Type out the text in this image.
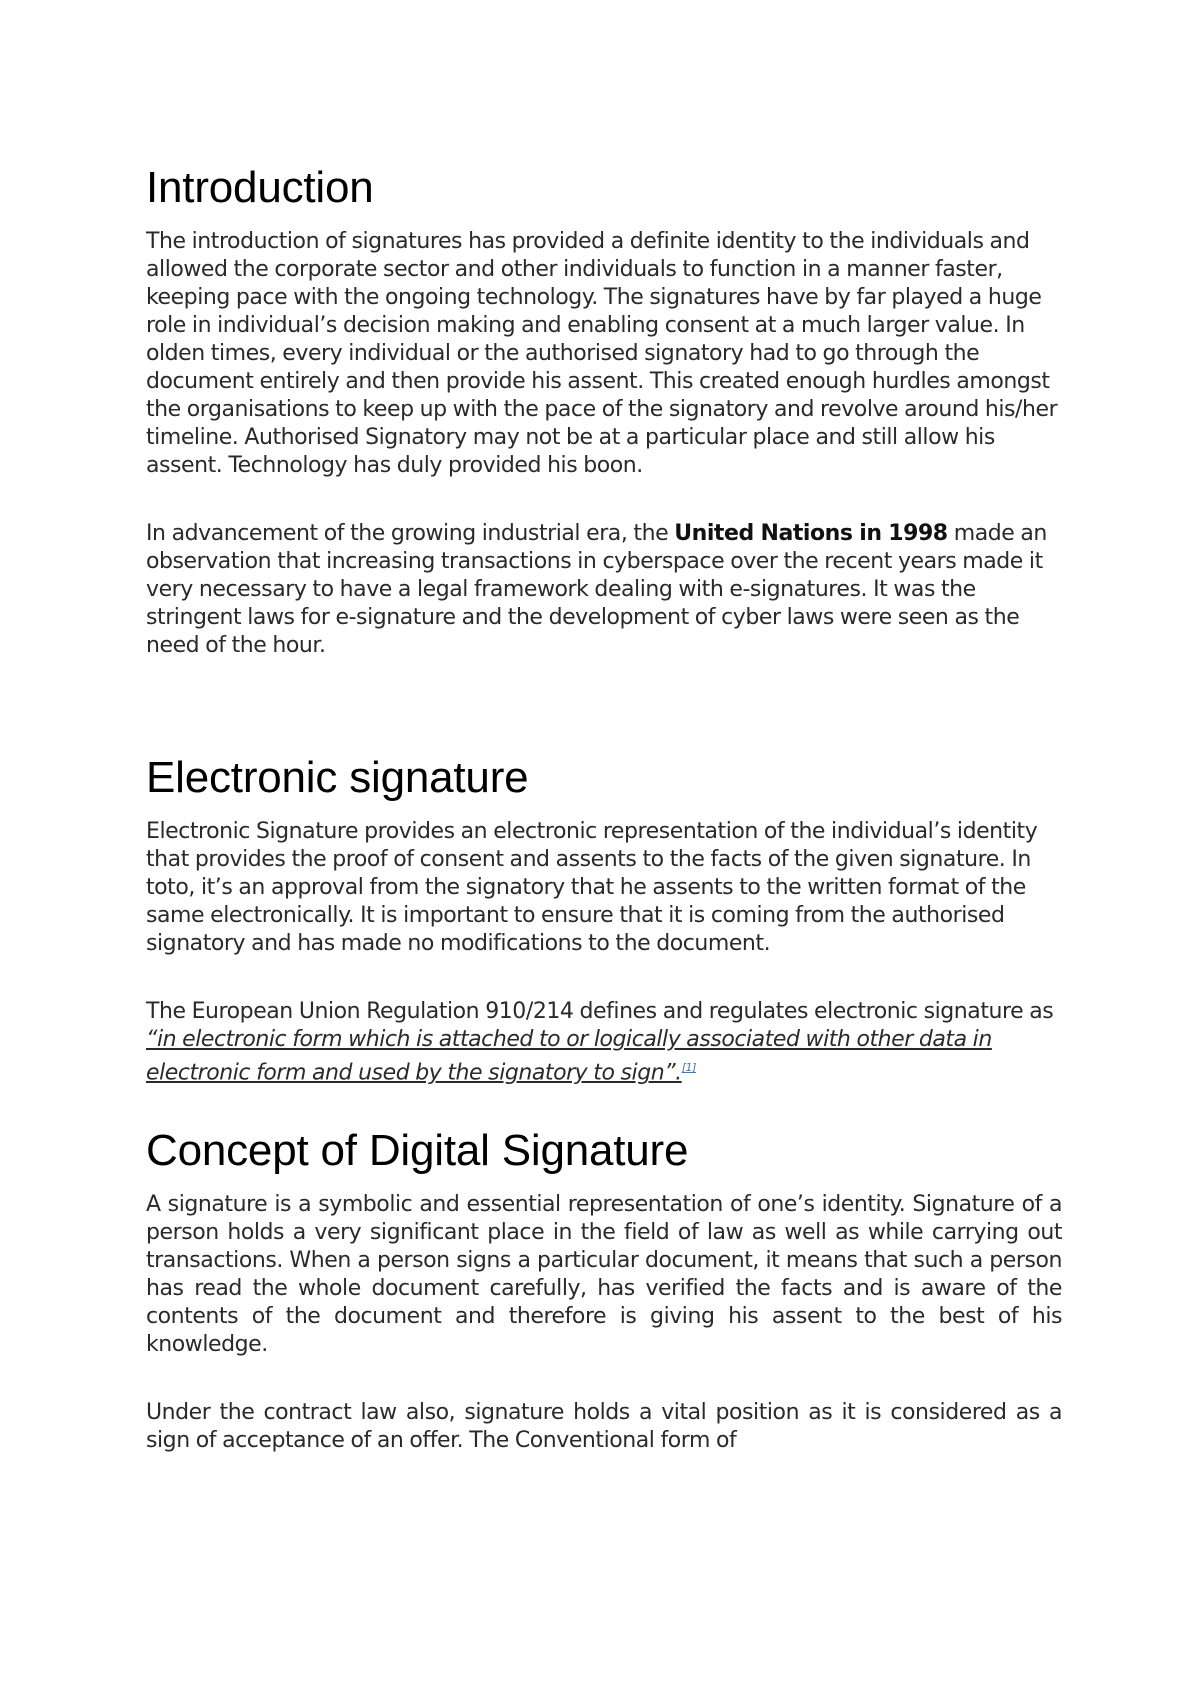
Introduction

The introduction of signatures has provided a definite identity to the individuals and allowed the corporate sector and other individuals to function in a manner faster, keeping pace with the ongoing technology. The signatures have by far played a huge role in individual’s decision making and enabling consent at a much larger value. In olden times, every individual or the authorised signatory had to go through the document entirely and then provide his assent. This created enough hurdles amongst the organisations to keep up with the pace of the signatory and revolve around his/her timeline. Authorised Signatory may not be at a particular place and still allow his assent. Technology has duly provided his boon.

In advancement of the growing industrial era, the United Nations in 1998 made an observation that increasing transactions in cyberspace over the recent years made it very necessary to have a legal framework dealing with e-signatures. It was the stringent laws for e-signature and the development of cyber laws were seen as the need of the hour.

Electronic signature

Electronic Signature provides an electronic representation of the individual’s identity that provides the proof of consent and assents to the facts of the given signature. In toto, it’s an approval from the signatory that he assents to the written format of the same electronically. It is important to ensure that it is coming from the authorised signatory and has made no modifications to the document.

The European Union Regulation 910/214 defines and regulates electronic signature as “in electronic form which is attached to or logically associated with other data in electronic form and used by the signatory to sign”.[1]

Concept of Digital Signature

A signature is a symbolic and essential representation of one’s identity. Signature of a person holds a very significant place in the field of law as well as while carrying out transactions. When a person signs a particular document, it means that such a person has read the whole document carefully, has verified the facts and is aware of the contents of the document and therefore is giving his assent to the best of his knowledge.

Under the contract law also, signature holds a vital position as it is considered as a sign of acceptance of an offer. The Conventional form of
